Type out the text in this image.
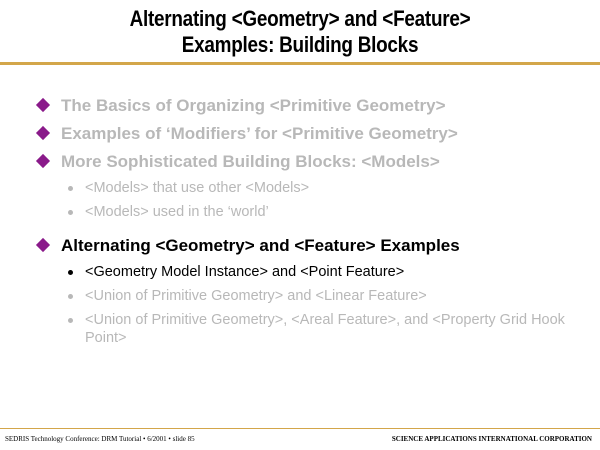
Alternating <Geometry> and <Feature>
Examples: Building Blocks
The Basics of Organizing <Primitive Geometry>
Examples of ‘Modifiers’ for <Primitive Geometry>
More Sophisticated Building Blocks: <Models>
<Models> that use other <Models>
<Models> used in the ‘world’
Alternating <Geometry> and <Feature> Examples
<Geometry Model Instance> and <Point Feature>
<Union of Primitive Geometry> and <Linear Feature>
<Union of Primitive Geometry>, <Areal Feature>, and <Property Grid Hook Point>
SEDRIS Technology Conference: DRM Tutorial • 6/2001 • slide 85	SCIENCE APPLICATIONS INTERNATIONAL CORPORATION
